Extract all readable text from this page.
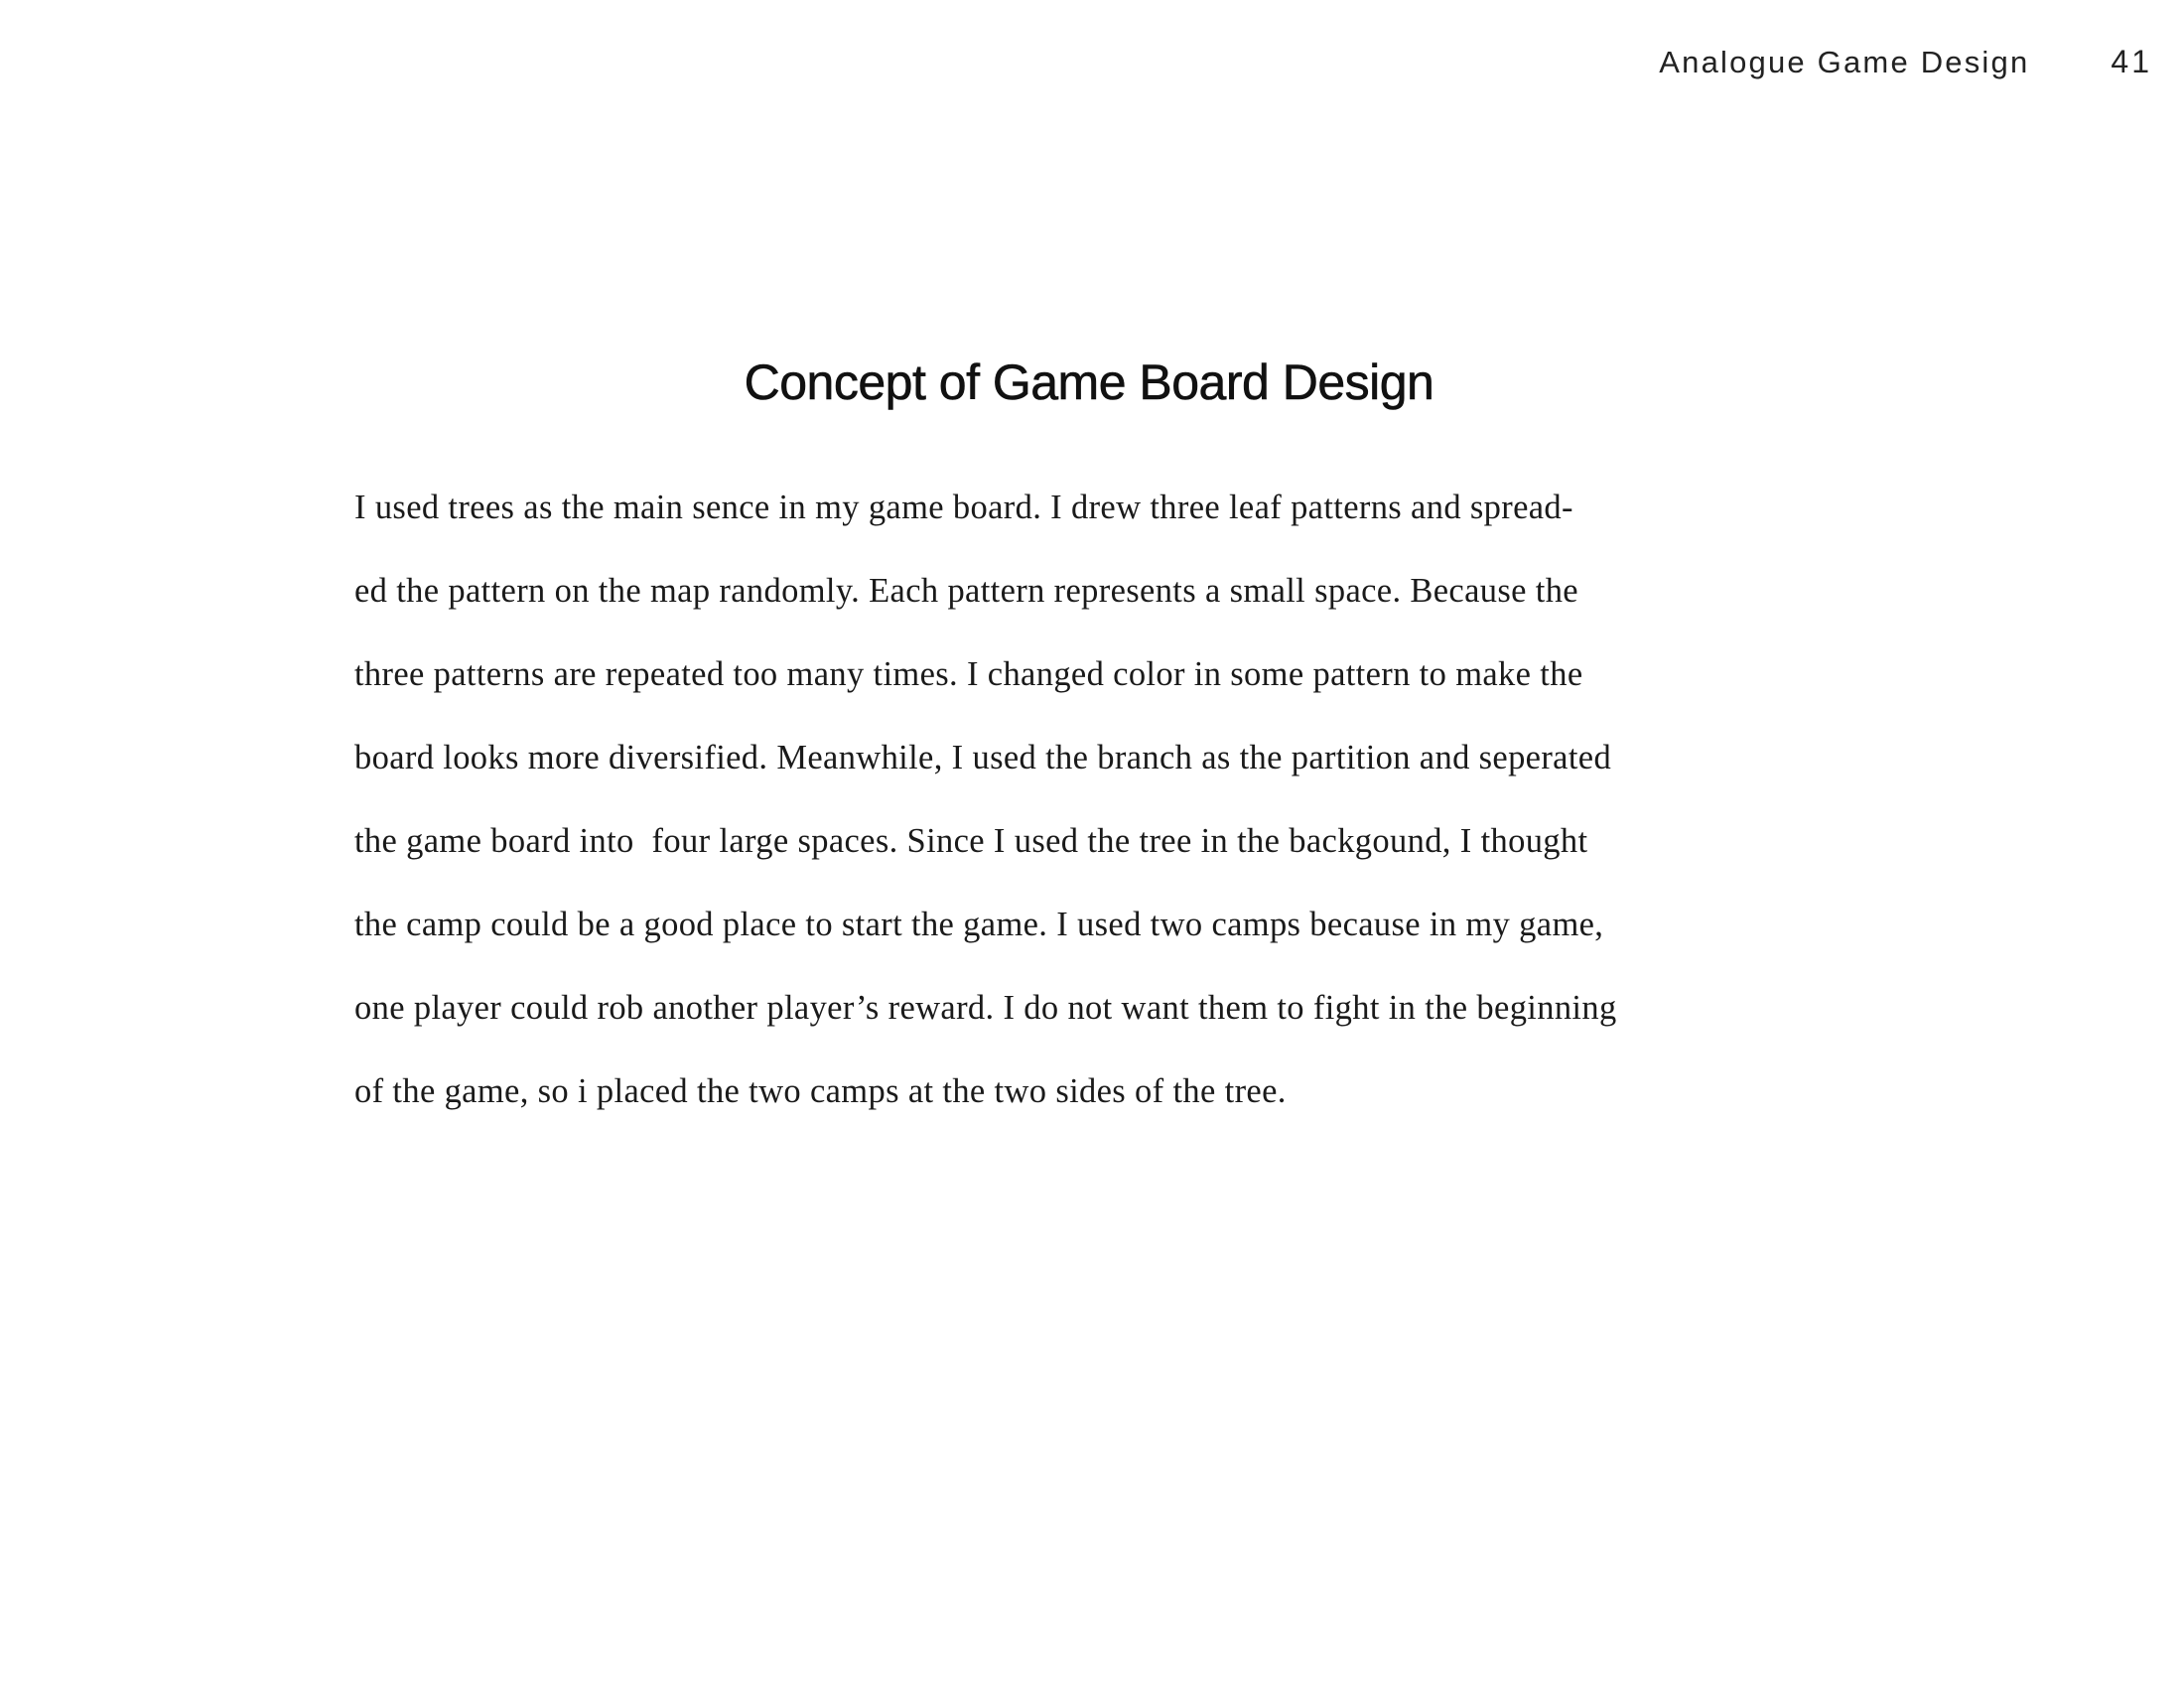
Analogue Game Design	41
Concept of Game Board Design
I used trees as the main sence in my game board. I drew three leaf patterns and spread-
ed the pattern on the map randomly. Each pattern represents a small space. Because the
three patterns are repeated too many times. I changed color in some pattern to make the
board looks more diversified. Meanwhile, I used the branch as the partition and seperated
the game board into  four large spaces. Since I used the tree in the backgound, I thought
the camp could be a good place to start the game. I used two camps because in my game,
one player could rob another player’s reward. I do not want them to fight in the beginning
of the game, so i placed the two camps at the two sides of the tree.
